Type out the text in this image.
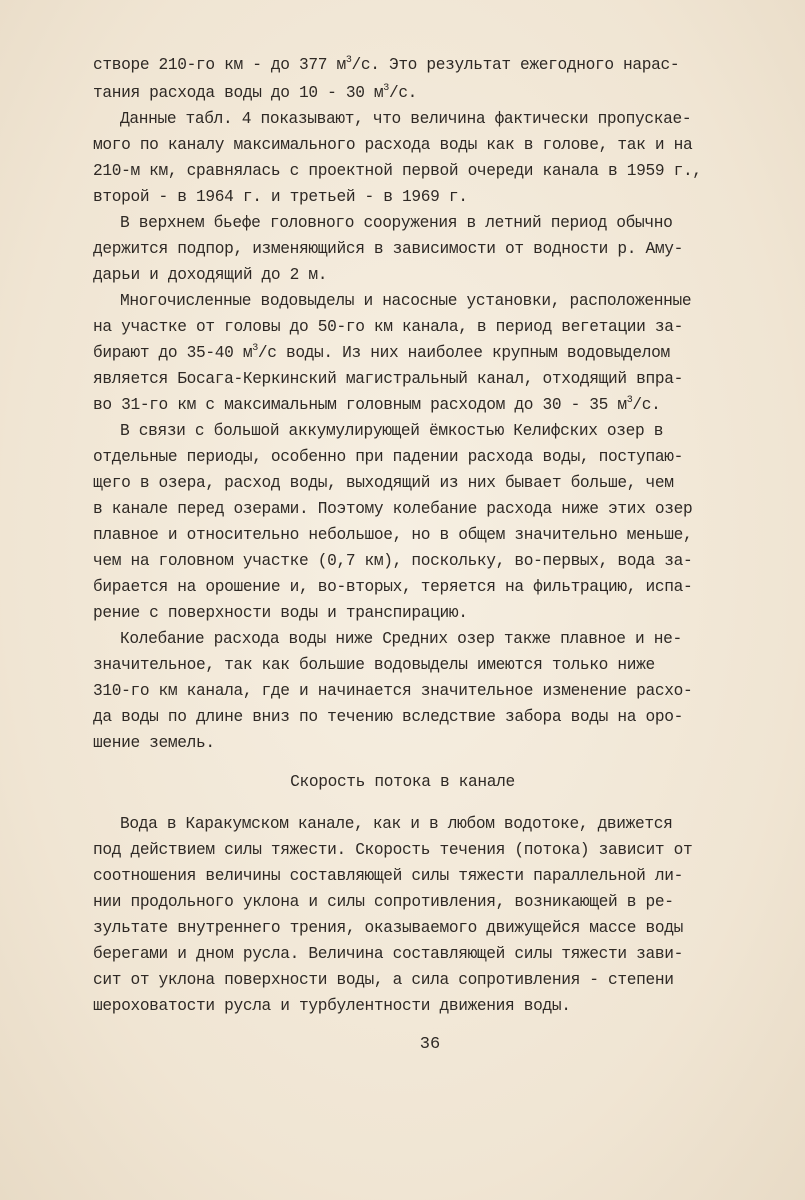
створе 210-го км - до 377 $м^3/с$. Это результат ежегодного нарас-
тания расхода воды до 10 - 30 $м^3/с$.
Данные табл. 4 показывают, что величина фактически пропускае-
мого по каналу максимального расхода воды как в голове, так и на
210-м км, сравнялась с проектной первой очереди канала в 1959 г.,
второй - в 1964 г. и третьей - в 1969 г.
В верхнем бьефе головного сооружения в летний период обычно
держится подпор, изменяющийся в зависимости от водности р. Аму-
дарьи и доходящий до 2 м.
Многочисленные водовыделы и насосные установки, расположенные
на участке от головы до 50-го км канала, в период вегетации за-
бирают до 35-40 $м^3/с$ воды. Из них наиболее крупным водовыделом
является Босага-Керкинский магистральный канал, отходящий впра-
во 31-го км с максимальным головным расходом до 30 - 35 $м^3/с$.
В связи с большой аккумулирующей ёмкостью Келифских озер в
отдельные периоды, особенно при падении расхода воды, поступаю-
щего в озера, расход воды, выходящий из них бывает больше, чем
в канале перед озерами. Поэтому колебание расхода ниже этих озер
плавное и относительно небольшое, но в общем значительно меньше,
чем на головном участке (0,7 км), поскольку, во-первых, вода за-
бирается на орошение и, во-вторых, теряется на фильтрацию, испа-
рение с поверхности воды и транспирацию.
Колебание расхода воды ниже Средних озер также плавное и не-
значительное, так как большие водовыделы имеются только ниже
310-го км канала, где и начинается значительное изменение расхо-
да воды по длине вниз по течению вследствие забора воды на оро-
шение земель.
Вода в Каракумском канале, как и в любом водотоке, движется
под действием силы тяжести. Скорость течения (потока) зависит от
соотношения величины составляющей силы тяжести параллельной ли-
нии продольного уклона и силы сопротивления, возникающей в ре-
зультате внутреннего трения, оказываемого движущейся массе воды
берегами и дном русла. Величина составляющей силы тяжести зави-
сит от уклона поверхности воды, а сила сопротивления - степени
шероховатости русла и турбулентности движения воды.
Скорость потока в канале
36
